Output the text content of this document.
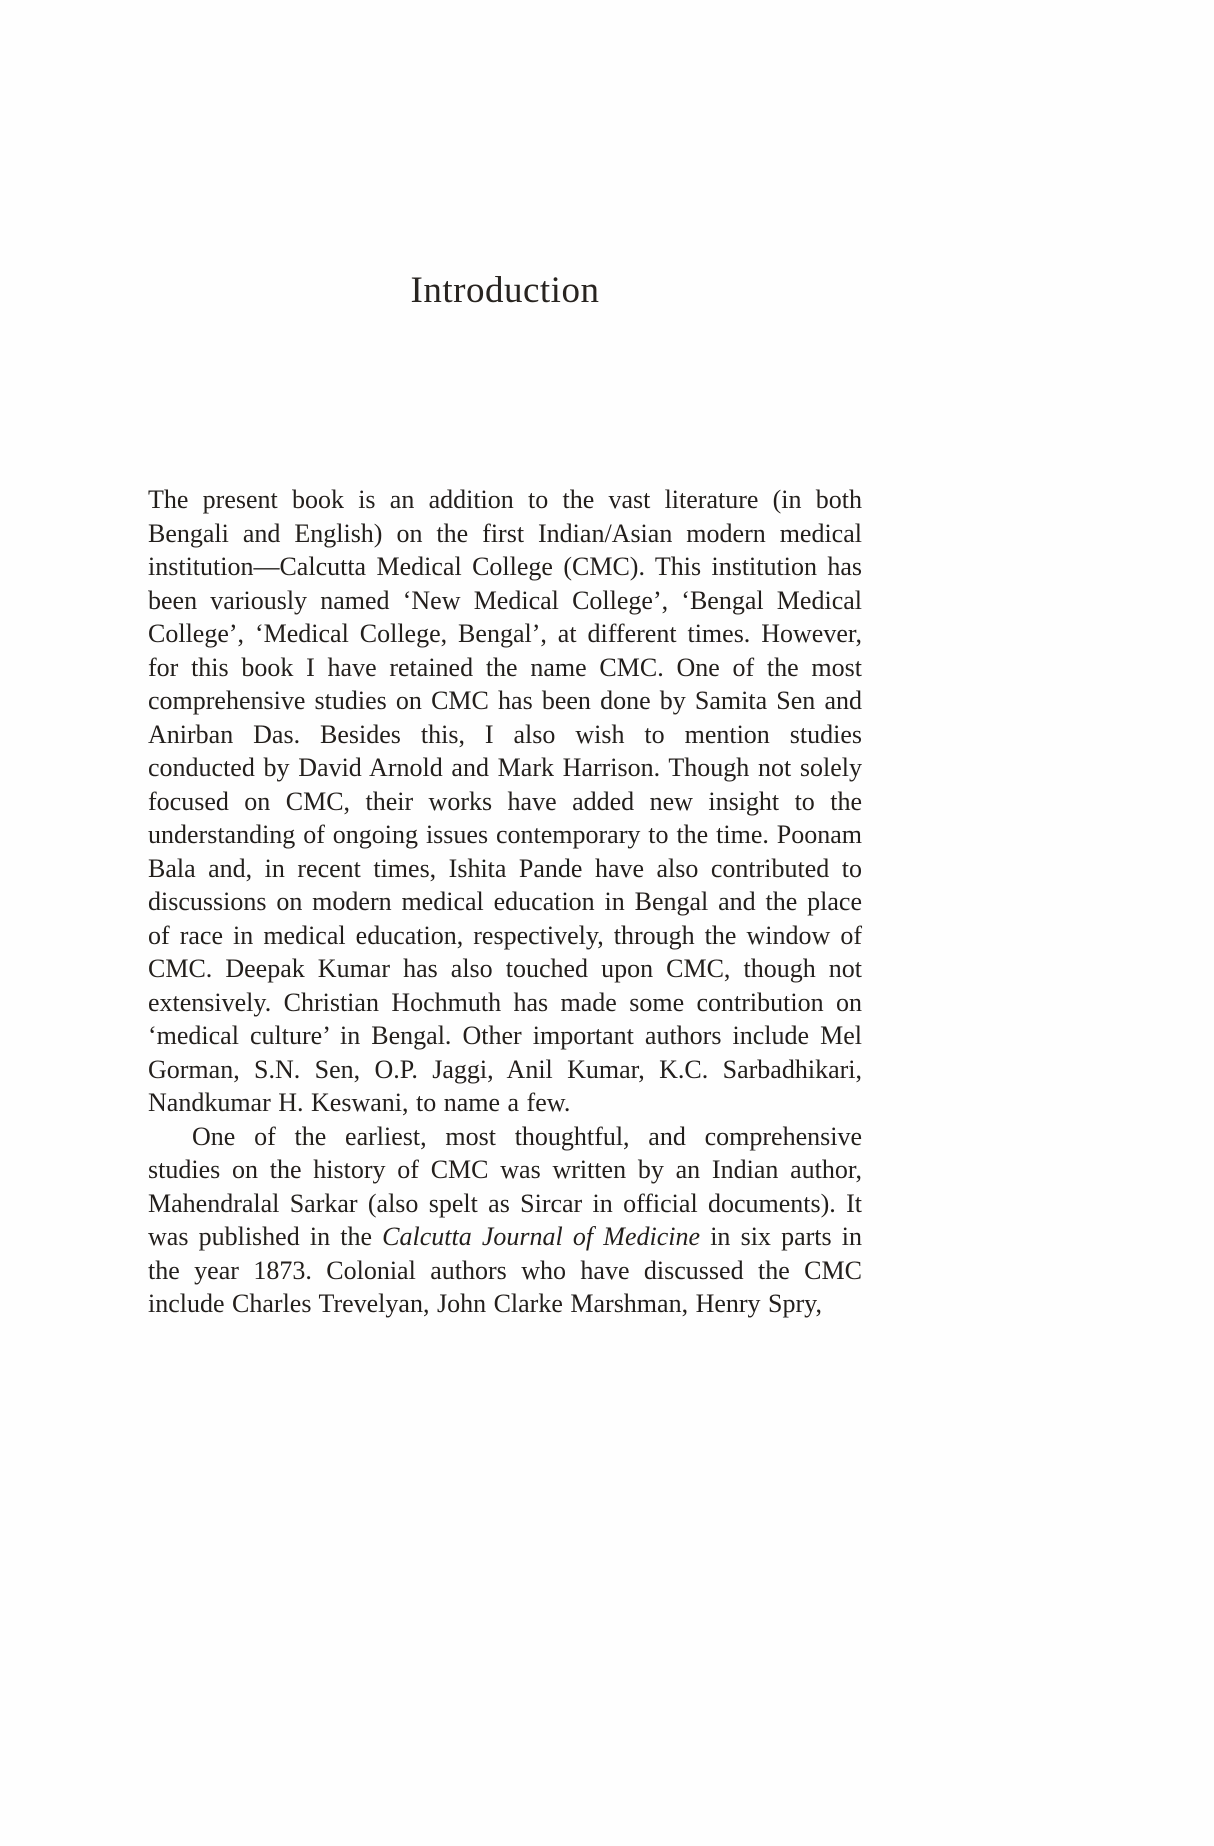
Introduction

The present book is an addition to the vast literature (in both Bengali and English) on the first Indian/Asian modern medical institution—Calcutta Medical College (CMC). This institution has been variously named ‘New Medical College’, ‘Bengal Medical College’, ‘Medical College, Bengal’, at different times. However, for this book I have retained the name CMC. One of the most comprehensive studies on CMC has been done by Samita Sen and Anirban Das. Besides this, I also wish to mention studies conducted by David Arnold and Mark Harrison. Though not solely focused on CMC, their works have added new insight to the understanding of ongoing issues contemporary to the time. Poonam Bala and, in recent times, Ishita Pande have also contributed to discussions on modern medical education in Bengal and the place of race in medical education, respectively, through the window of CMC. Deepak Kumar has also touched upon CMC, though not extensively. Christian Hochmuth has made some contribution on ‘medical culture’ in Bengal. Other important authors include Mel Gorman, S.N. Sen, O.P. Jaggi, Anil Kumar, K.C. Sarbadhikari, Nandkumar H. Keswani, to name a few.

One of the earliest, most thoughtful, and comprehensive studies on the history of CMC was written by an Indian author, Mahendralal Sarkar (also spelt as Sircar in official documents). It was published in the Calcutta Journal of Medicine in six parts in the year 1873. Colonial authors who have discussed the CMC include Charles Trevelyan, John Clarke Marshman, Henry Spry,
